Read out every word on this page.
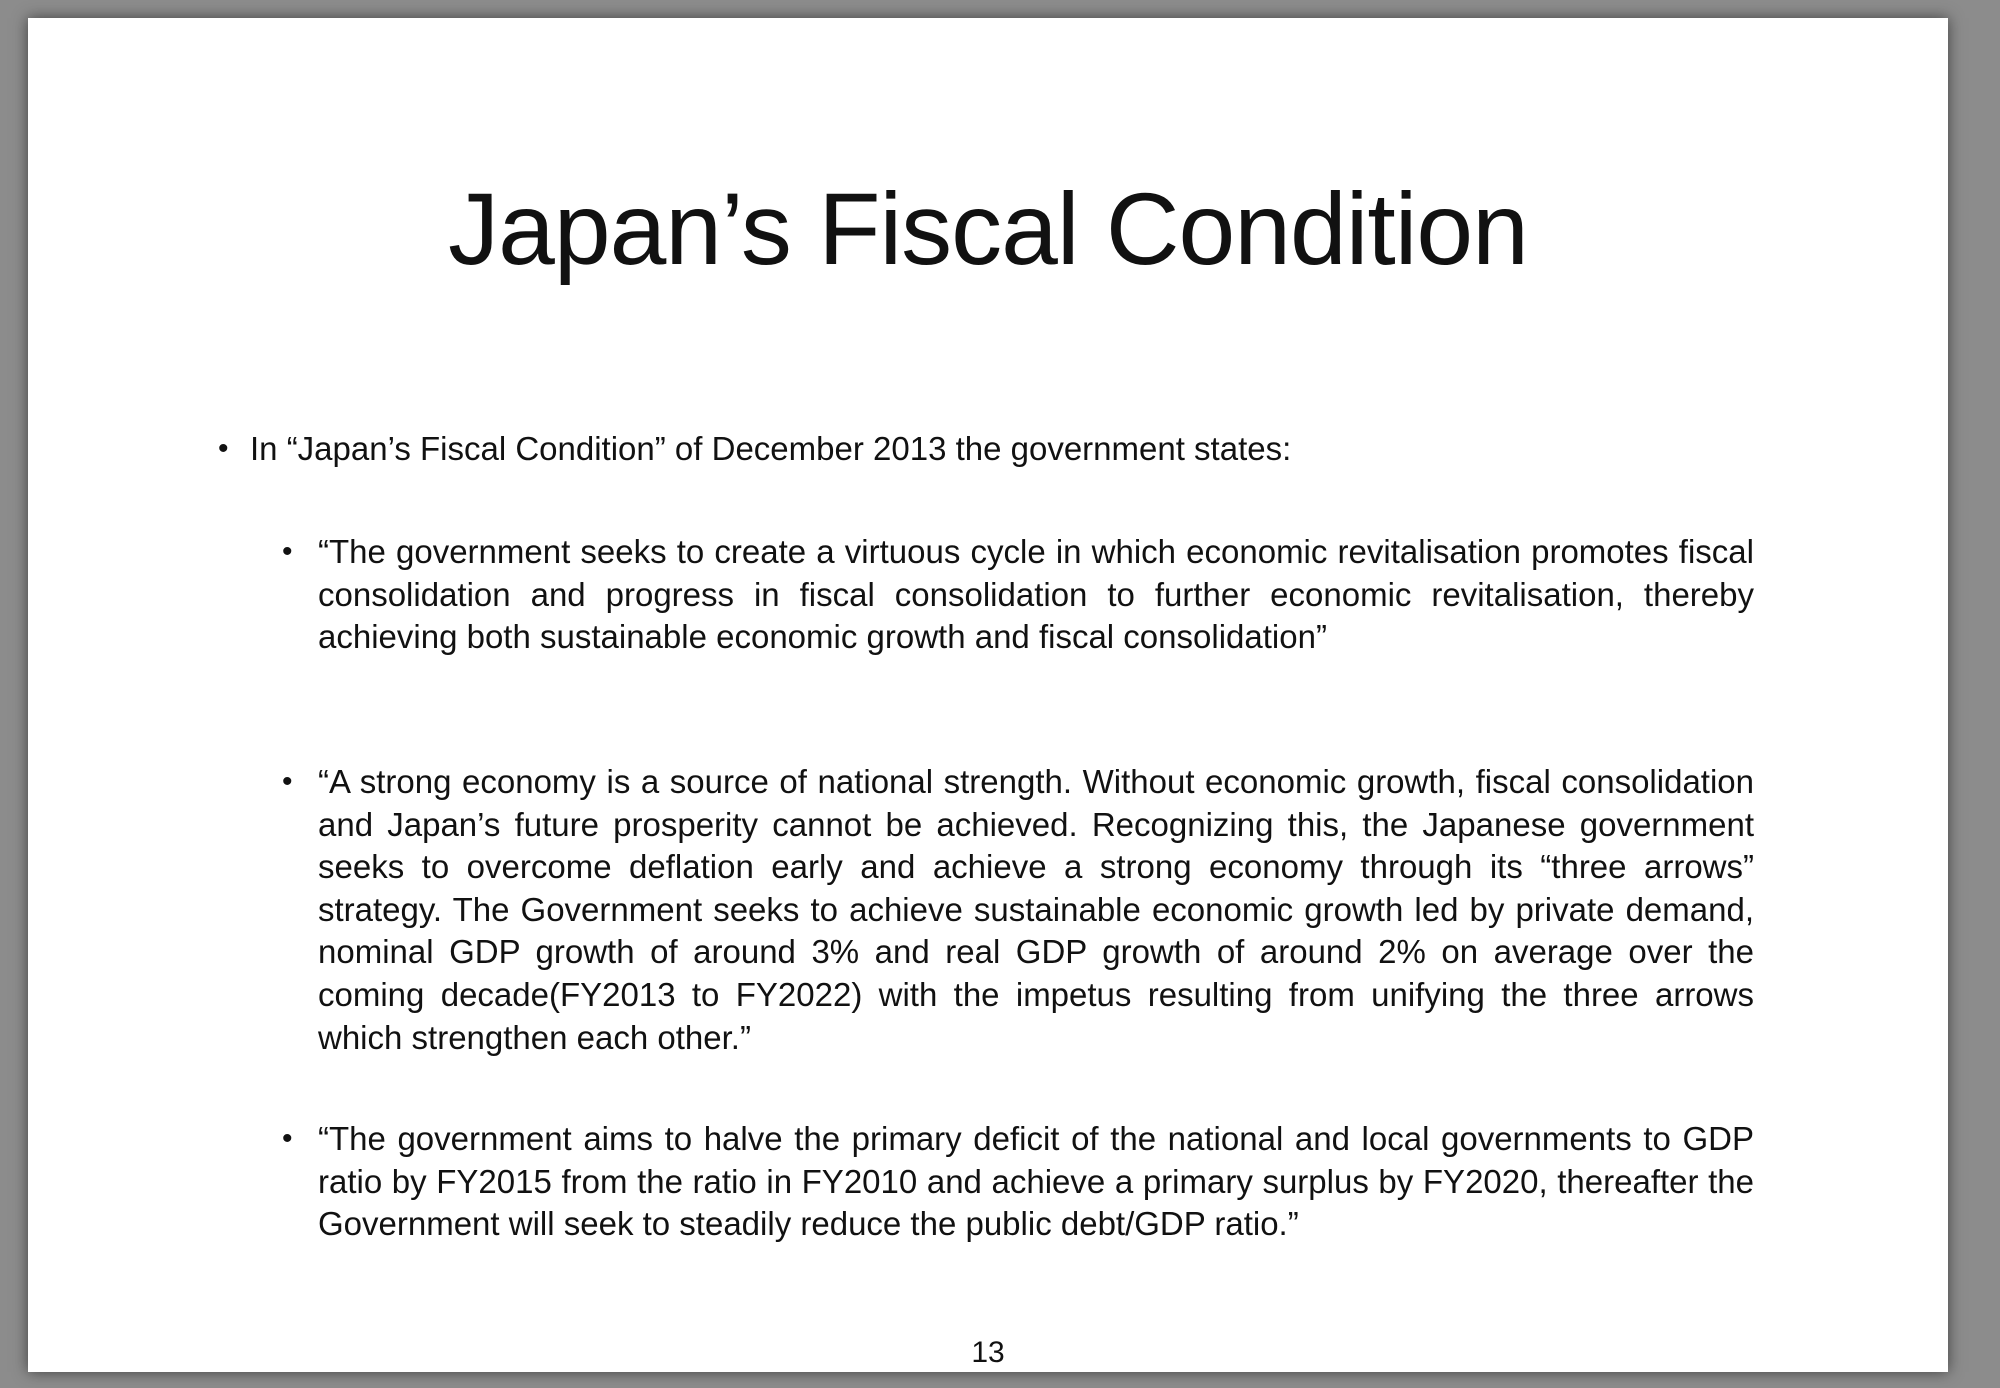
Japan’s Fiscal Condition
• In “Japan’s Fiscal Condition” of December 2013 the government states:
• “The government seeks to create a virtuous cycle in which economic revitalisation promotes fiscal consolidation and progress in fiscal consolidation to further economic revitalisation, thereby achieving both sustainable economic growth and fiscal consolidation”
• “A strong economy is a source of national strength. Without economic growth, fiscal consolidation and Japan’s future prosperity cannot be achieved. Recognizing this, the Japanese government seeks to overcome deflation early and achieve a strong economy through its “three arrows” strategy. The Government seeks to achieve sustainable economic growth led by private demand, nominal GDP growth of around 3% and real GDP growth of around 2% on average over the coming decade(FY2013 to FY2022) with the impetus resulting from unifying the three arrows which strengthen each other.”
• “The government aims to halve the primary deficit of the national and local governments to GDP ratio by FY2015 from the ratio in FY2010 and achieve a primary surplus by FY2020, thereafter the Government will seek to steadily reduce the public debt/GDP ratio.”
13
